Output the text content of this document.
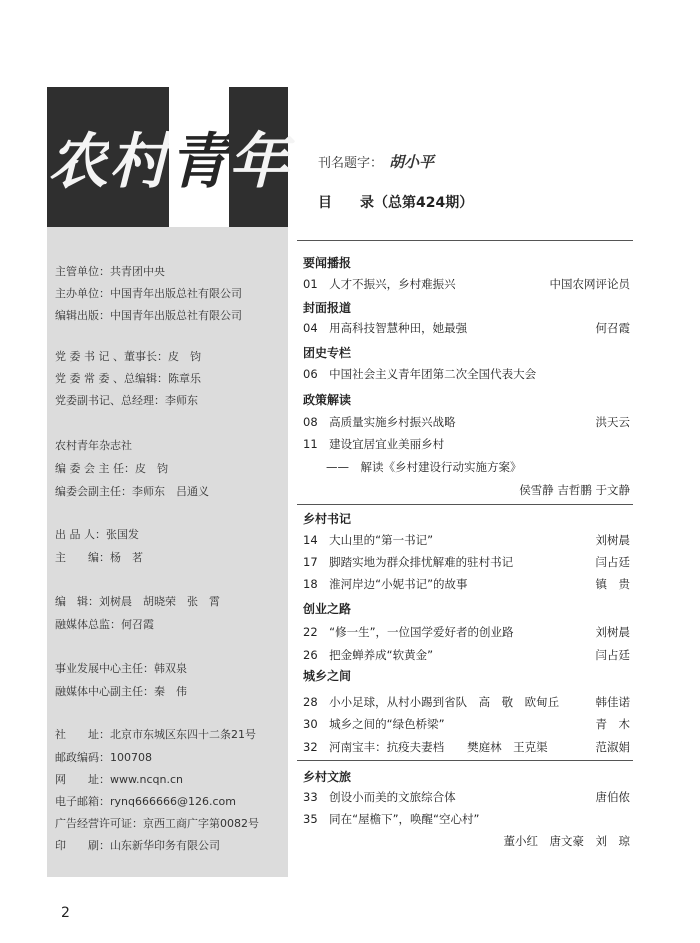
农 村 青 年
主管单位：共青团中央
主办单位：中国青年出版总社有限公司
编辑出版：中国青年出版总社有限公司
党 委 书 记 、董事长：皮　钧
党 委 常 委 、总编辑：陈章乐
党委副书记、总经理：李师东
农村青年杂志社
编 委 会 主 任：皮　钧
编委会副主任：李师东　吕通义
出 品 人：张国发
主　　编：杨　茗
编　辑：刘树晨　胡晓荣　张　霄
融媒体总监：何召霞
事业发展中心主任：韩双泉
融媒体中心副主任：秦　伟
社　　址：北京市东城区东四十二条21号
邮政编码：100708
网　　址：www.ncqn.cn
电子邮箱：rynq666666@126.com
广告经营许可证：京西工商广字第0082号
印　　刷：山东新华印务有限公司
刊名题字： 胡小平
目　　录（总第424期）
要闻播报
封面报道
团史专栏
政策解读
乡村书记
创业之路
城乡之间
乡村文旅
01　人才不振兴，乡村难振兴
04　用高科技智慧种田，她最强
06　中国社会主义青年团第二次全国代表大会
08　高质量实施乡村振兴战略
11　建设宜居宜业美丽乡村
　　——　解读《乡村建设行动实施方案》
14　大山里的“第一书记”
17　脚踏实地为群众排忧解难的驻村书记
18　淮河岸边“小妮书记”的故事
22　“修一生”，一位国学爱好者的创业路
26　把金蝉养成“软黄金”
28　小小足球，从村小踢到省队　高　敬　欧甸丘
30　城乡之间的“绿色桥梁”
32　河南宝丰：抗疫夫妻档　　樊庭林　王克渠
33　创设小而美的文旅综合体
35　同在“屋檐下”，唤醒“空心村”
中国农网评论员
何召霞
洪天云
侯雪静 吉哲鹏 于文静
刘树晨
闫占廷
镇　贵
刘树晨
闫占廷
韩佳诺
青　木
范淑娟
唐伯侬
董小红　唐文豪　刘　琼
2
